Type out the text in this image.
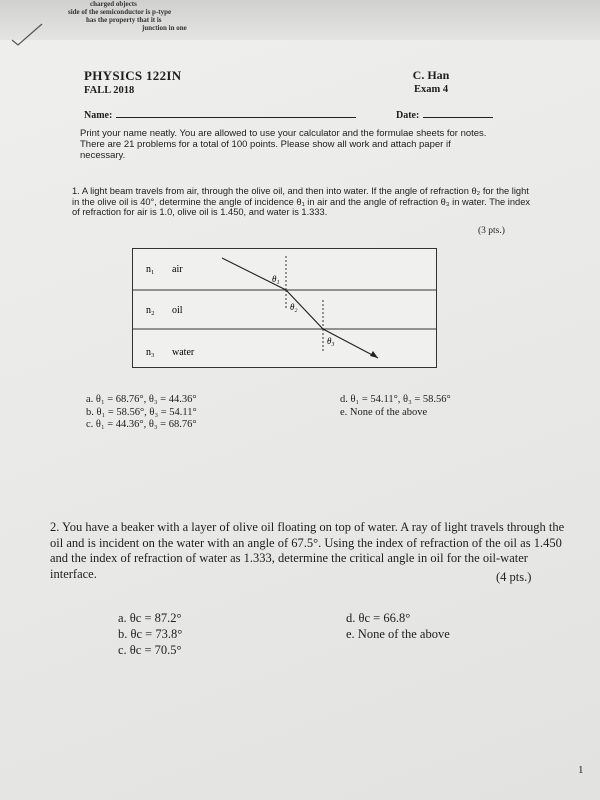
charged objects
side of the semiconductor is p-type
has the property that it is
junction in one
PHYSICS 122IN
FALL 2018
C. Han
Exam 4
Name:	Date:
Print your name neatly. You are allowed to use your calculator and the formulae sheets for notes. There are 21 problems for a total of 100 points. Please show all work and attach paper if necessary.
1. A light beam travels from air, through the olive oil, and then into water. If the angle of refraction θ₂ for the light in the olive oil is 40°, determine the angle of incidence θ₁ in air and the angle of refraction θ₃ in water. The index of refraction for air is 1.0, olive oil is 1.450, and water is 1.333.
(3 pts.)
n₁ air
n₂ oil
n₃ water
θ₁
θ₂
θ₃
a. θ₁ = 68.76°, θ₃ = 44.36°
b. θ₁ = 58.56°, θ₃ = 54.11°
c. θ₁ = 44.36°, θ₃ = 68.76°
d. θ₁ = 54.11°, θ₃ = 58.56°
e. None of the above
2. You have a beaker with a layer of olive oil floating on top of water. A ray of light travels through the oil and is incident on the water with an angle of 67.5°. Using the index of refraction of the oil as 1.450 and the index of refraction of water as 1.333, determine the critical angle in oil for the oil-water interface.	(4 pts.)
a. θc = 87.2°
b. θc = 73.8°
c. θc = 70.5°
d. θc = 66.8°
e. None of the above
1
